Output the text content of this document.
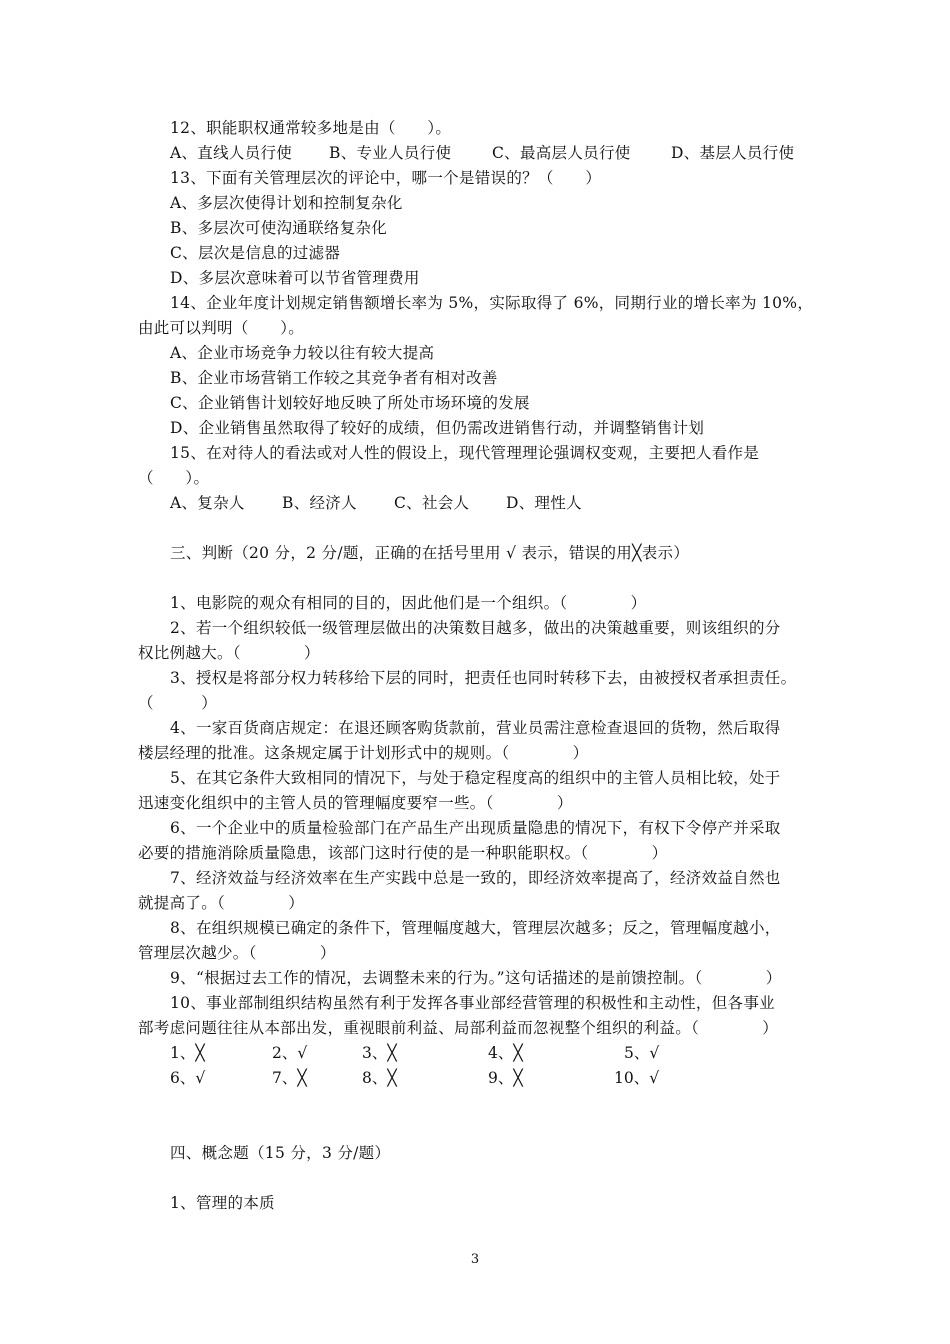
12、职能职权通常较多地是由（　　）。
A、直线人员行使 B、专业人员行使	C、最高层人员行使	D、基层人员行使
13、下面有关管理层次的评论中，哪一个是错误的？（　　）
A、多层次使得计划和控制复杂化
B、多层次可使沟通联络复杂化
C、层次是信息的过滤器
D、多层次意味着可以节省管理费用
14、企业年度计划规定销售额增长率为 5%，实际取得了 6%，同期行业的增长率为 10%，
由此可以判明（　　）。
A、企业市场竞争力较以往有较大提高
B、企业市场营销工作较之其竞争者有相对改善
C、企业销售计划较好地反映了所处市场环境的发展
D、企业销售虽然取得了较好的成绩，但仍需改进销售行动，并调整销售计划
15、在对待人的看法或对人性的假设上，现代管理理论强调权变观，主要把人看作是
（　　）。
A、复杂人 B、经济人 C、社会人 D、理性人
三、判断（20 分，2 分/题，正确的在括号里用 √ 表示，错误的用╳表示）
1、电影院的观众有相同的目的，因此他们是一个组织。（　　　　）
2、若一个组织较低一级管理层做出的决策数目越多，做出的决策越重要，则该组织的分
权比例越大。（　　　　）
3、授权是将部分权力转移给下层的同时，把责任也同时转移下去，由被授权者承担责任。
（　　　）
4、一家百货商店规定：在退还顾客购货款前，营业员需注意检查退回的货物，然后取得
楼层经理的批准。这条规定属于计划形式中的规则。（　　　　）
5、在其它条件大致相同的情况下，与处于稳定程度高的组织中的主管人员相比较，处于
迅速变化组织中的主管人员的管理幅度要窄一些。（　　　　）
6、一个企业中的质量检验部门在产品生产出现质量隐患的情况下，有权下令停产并采取
必要的措施消除质量隐患，该部门这时行使的是一种职能职权。（　　　　）
7、经济效益与经济效率在生产实践中总是一致的，即经济效率提高了，经济效益自然也
就提高了。（　　　　）
8、在组织规模已确定的条件下，管理幅度越大，管理层次越多；反之，管理幅度越小，
管理层次越少。（　　　　）
9、“根据过去工作的情况，去调整未来的行为。”这句话描述的是前馈控制。（　　　　）
10、事业部制组织结构虽然有利于发挥各事业部经营管理的积极性和主动性，但各事业
部考虑问题往往从本部出发，重视眼前利益、局部利益而忽视整个组织的利益。（　　　　）
1、╳	2、√	3、╳	4、╳	5、√
6、√	7、╳	8、╳	9、╳	10、√
四、概念题（15 分，3 分/题）
1、管理的本质
3
